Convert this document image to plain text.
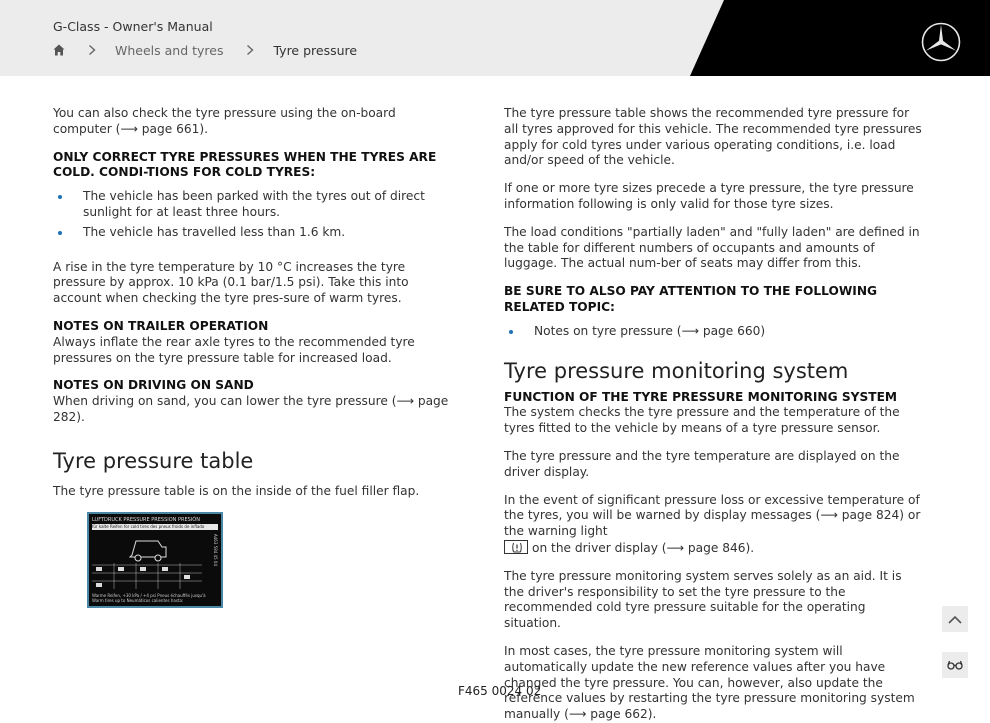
G-Class - Owner's Manual
Wheels and tyres	Tyre pressure

You can also check the tyre pressure using the on-board computer (⟶ page 661).

ONLY CORRECT TYRE PRESSURES WHEN THE TYRES ARE COLD. CONDI-TIONS FOR COLD TYRES:

The vehicle has been parked with the tyres out of direct sunlight for at least three hours.
The vehicle has travelled less than 1.6 km.

A rise in the tyre temperature by 10 °C increases the tyre pressure by approx. 10 kPa (0.1 bar/1.5 psi). Take this into account when checking the tyre pres-sure of warm tyres.

NOTES ON TRAILER OPERATION

Always inflate the rear axle tyres to the recommended tyre pressures on the tyre pressure table for increased load.

NOTES ON DRIVING ON SAND

When driving on sand, you can lower the tyre pressure (⟶ page 282).

Tyre pressure table

The tyre pressure table is on the inside of the fuel filler flap.

LUFTDRUCK PRESSURE PRESSION PRESIÓN
für kalte Reifen for cold tires des pneus froids de inflado
A463 584 45 04
Warme Reifen, +30 kPa / +4 psi Pneus échauffés jusqu'à
Warm tires up to Neumáticos calientes hasta:

The tyre pressure table shows the recommended tyre pressure for all tyres approved for this vehicle. The recommended tyre pressures apply for cold tyres under various operating conditions, i.e. load and/or speed of the vehicle.

If one or more tyre sizes precede a tyre pressure, the tyre pressure information following is only valid for those tyre sizes.

The load conditions "partially laden" and "fully laden" are defined in the table for different numbers of occupants and amounts of luggage. The actual num-ber of seats may differ from this.

BE SURE TO ALSO PAY ATTENTION TO THE FOLLOWING RELATED TOPIC:

Notes on tyre pressure (⟶ page 660)
Tyre pressure monitoring system

FUNCTION OF THE TYRE PRESSURE MONITORING SYSTEM

The system checks the tyre pressure and the temperature of the tyres fitted to the vehicle by means of a tyre pressure sensor.

The tyre pressure and the tyre temperature are displayed on the driver display.

In the event of significant pressure loss or excessive temperature of the tyres, you will be warned by display messages (⟶ page 824) or the warning light

on the driver display (⟶ page 846).

The tyre pressure monitoring system serves solely as an aid. It is the driver's responsibility to set the tyre pressure to the recommended cold tyre pressure suitable for the operating situation.

In most cases, the tyre pressure monitoring system will automatically update the new reference values after you have changed the tyre pressure. You can, however, also update the reference values by restarting the tyre pressure monitoring system manually (⟶ page 662).

F465 0024 02
